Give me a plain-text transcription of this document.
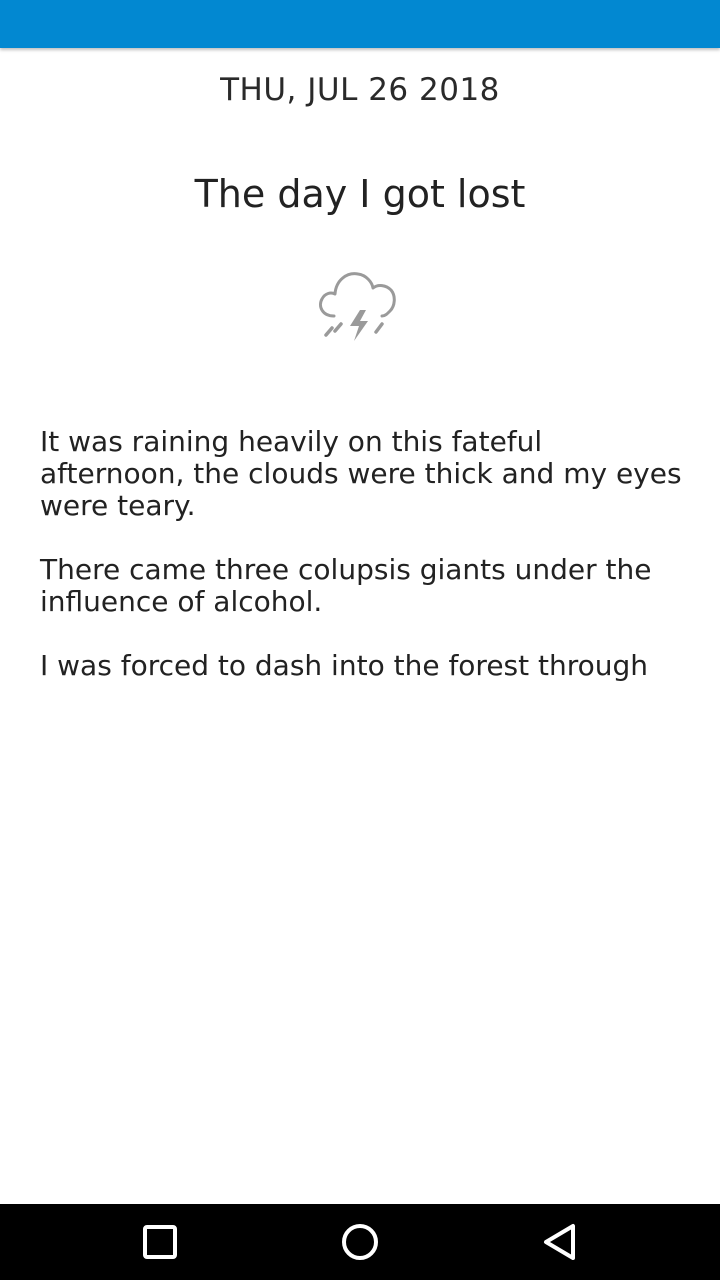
THU, JUL 26 2018
The day I got lost

It was raining heavily on this fateful afternoon, the clouds were thick and my eyes were teary.

There came three colupsis giants under the influence of alcohol.

I was forced to dash into the forest through
